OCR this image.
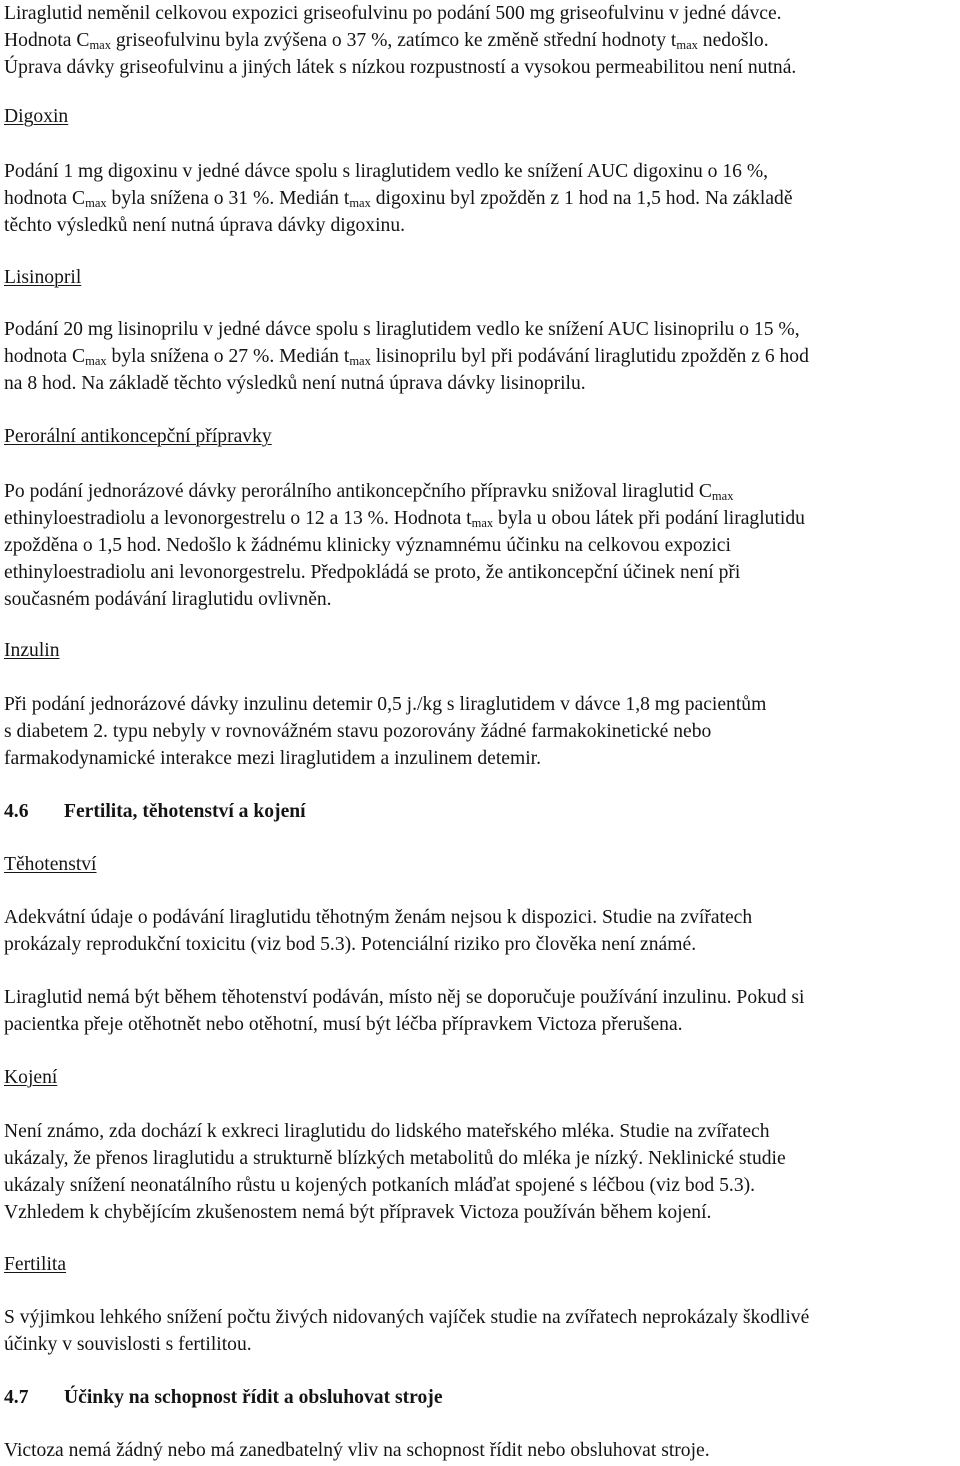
Liraglutid neměnil celkovou expozici griseofulvinu po podání 500 mg griseofulvinu v jedné dávce.

Hodnota $C_{max}$ griseofulvinu byla zvýšena o 37 %, zatímco ke změně střední hodnoty $t_{max}$ nedošlo.

Úprava dávky griseofulvinu a jiných látek s nízkou rozpustností a vysokou permeabilitou není nutná.

Digoxin

Podání 1 mg digoxinu v jedné dávce spolu s liraglutidem vedlo ke snížení AUC digoxinu o 16 %,

hodnota $C_{max}$ byla snížena o 31 %. Medián $t_{max}$ digoxinu byl zpožděn z 1 hod na 1,5 hod. Na základě

těchto výsledků není nutná úprava dávky digoxinu.

Lisinopril

Podání 20 mg lisinoprilu v jedné dávce spolu s liraglutidem vedlo ke snížení AUC lisinoprilu o 15 %,

hodnota $C_{max}$ byla snížena o 27 %. Medián $t_{max}$ lisinoprilu byl při podávání liraglutidu zpožděn z 6 hod

na 8 hod. Na základě těchto výsledků není nutná úprava dávky lisinoprilu.

Perorální antikoncepční přípravky

Po podání jednorázové dávky perorálního antikoncepčního přípravku snižoval liraglutid $C_{max}$

ethinyloestradiolu a levonorgestrelu o 12 a 13 %. Hodnota $t_{max}$ byla u obou látek při podání liraglutidu

zpožděna o 1,5 hod. Nedošlo k žádnému klinicky významnému účinku na celkovou expozici

ethinyloestradiolu ani levonorgestrelu. Předpokládá se proto, že antikoncepční účinek není při

současném podávání liraglutidu ovlivněn.

Inzulin

Při podání jednorázové dávky inzulinu detemir 0,5 j./kg s liraglutidem v dávce 1,8 mg pacientům

s diabetem 2. typu nebyly v rovnovážném stavu pozorovány žádné farmakokinetické nebo

farmakodynamické interakce mezi liraglutidem a inzulinem detemir.

4.6 Fertilita, těhotenství a kojení

Těhotenství

Adekvátní údaje o podávání liraglutidu těhotným ženám nejsou k dispozici. Studie na zvířatech

prokázaly reprodukční toxicitu (viz bod 5.3). Potenciální riziko pro člověka není známé.

Liraglutid nemá být během těhotenství podáván, místo něj se doporučuje používání inzulinu. Pokud si

pacientka přeje otěhotnět nebo otěhotní, musí být léčba přípravkem Victoza přerušena.

Kojení

Není známo, zda dochází k exkreci liraglutidu do lidského mateřského mléka. Studie na zvířatech

ukázaly, že přenos liraglutidu a strukturně blízkých metabolitů do mléka je nízký. Neklinické studie

ukázaly snížení neonatálního růstu u kojených potkaních mláďat spojené s léčbou (viz bod 5.3).

Vzhledem k chybějícím zkušenostem nemá být přípravek Victoza používán během kojení.

Fertilita

S výjimkou lehkého snížení počtu živých nidovaných vajíček studie na zvířatech neprokázaly škodlivé

účinky v souvislosti s fertilitou.

4.7 Účinky na schopnost řídit a obsluhovat stroje

Victoza nemá žádný nebo má zanedbatelný vliv na schopnost řídit nebo obsluhovat stroje.
